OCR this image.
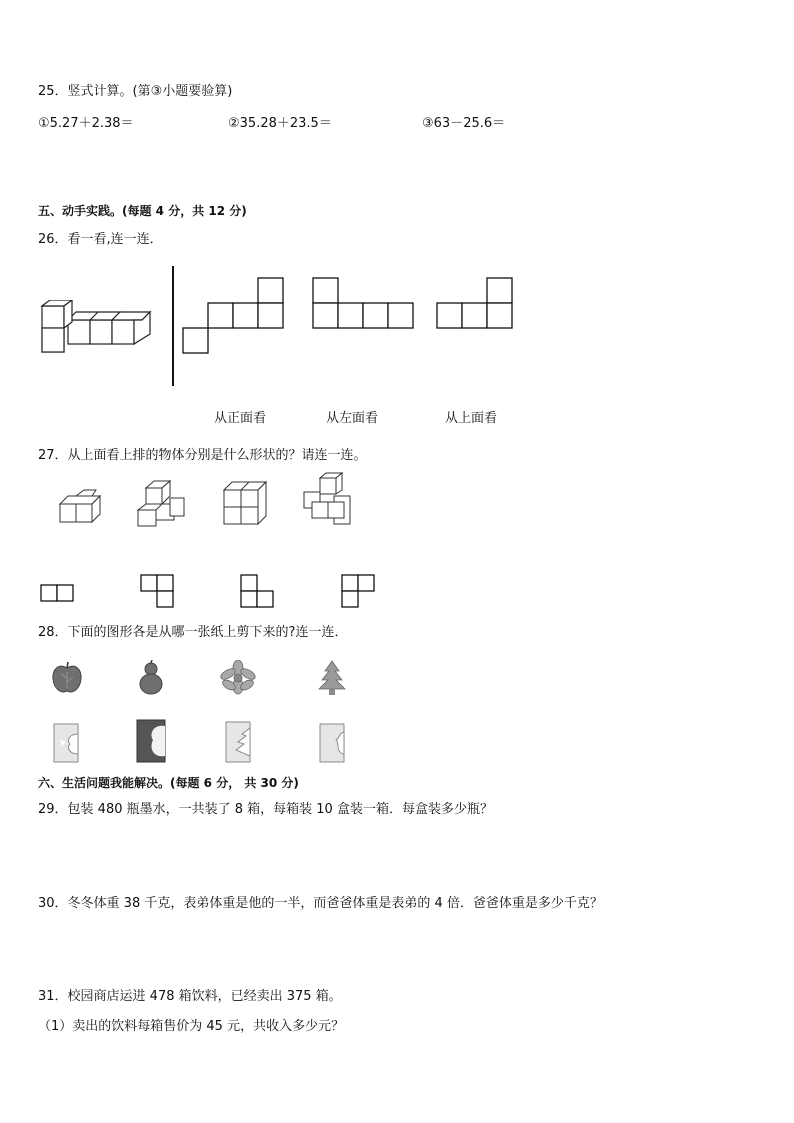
25．竖式计算。(第③小题要验算)
①5.27＋2.38＝	②35.28＋23.5＝	③63－25.6＝
五、动手实践。(每题 4 分，共 12 分)
26．看一看,连一连．
从正面看	从左面看	从上面看
27．从上面看上排的物体分别是什么形状的？请连一连。
28．下面的图形各是从哪一张纸上剪下来的?连一连．
六、生活问题我能解决。(每题 6 分， 共 30 分)
29．包装 480 瓶墨水，一共装了 8 箱，每箱装 10 盒装一箱．每盒装多少瓶？
30．冬冬体重 38 千克，表弟体重是他的一半，而爸爸体重是表弟的 4 倍．爸爸体重是多少千克？
31．校园商店运进 478 箱饮料，已经卖出 375 箱。
（1）卖出的饮料每箱售价为 45 元，共收入多少元？
